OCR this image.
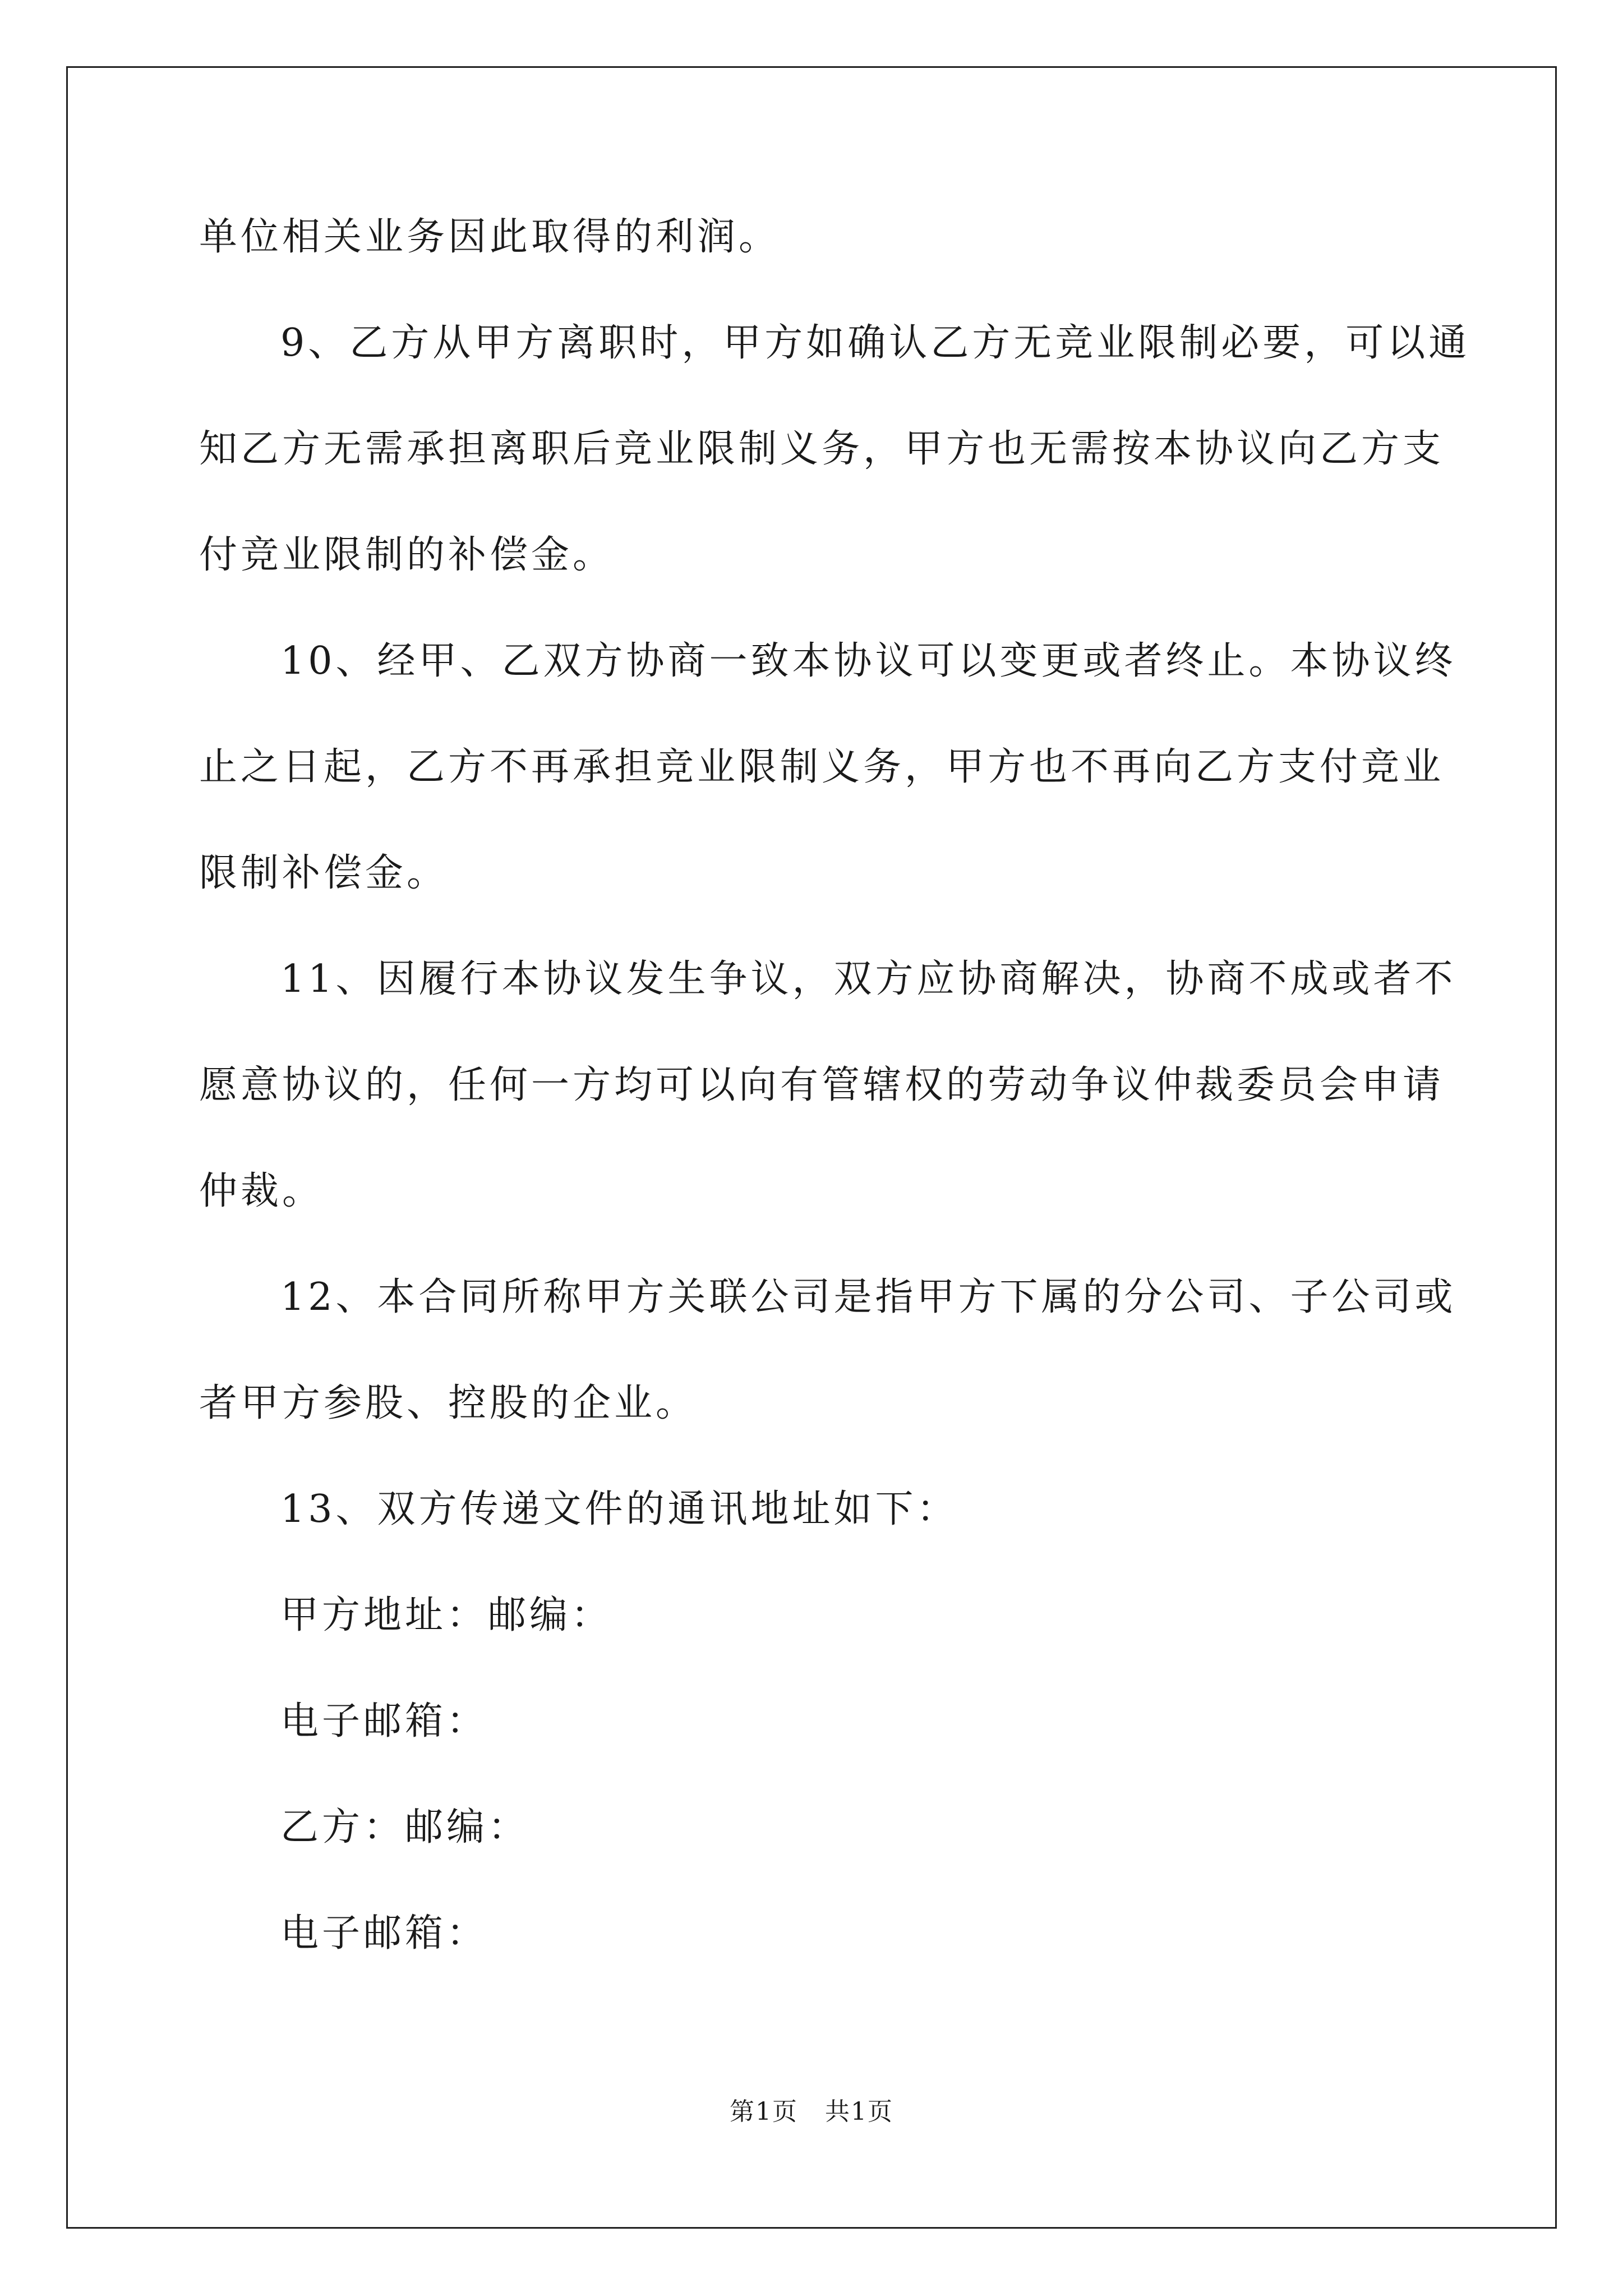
单位相关业务因此取得的利润。
9、乙方从甲方离职时，甲方如确认乙方无竞业限制必要，可以通
知乙方无需承担离职后竞业限制义务，甲方也无需按本协议向乙方支
付竞业限制的补偿金。
10、经甲、乙双方协商一致本协议可以变更或者终止。本协议终
止之日起，乙方不再承担竞业限制义务，甲方也不再向乙方支付竞业
限制补偿金。
11、因履行本协议发生争议，双方应协商解决，协商不成或者不
愿意协议的，任何一方均可以向有管辖权的劳动争议仲裁委员会申请
仲裁。
12、本合同所称甲方关联公司是指甲方下属的分公司、子公司或
者甲方参股、控股的企业。
13、双方传递文件的通讯地址如下：
甲方地址：邮编：
电子邮箱：
乙方：邮编：
电子邮箱：
第1页   共1页
